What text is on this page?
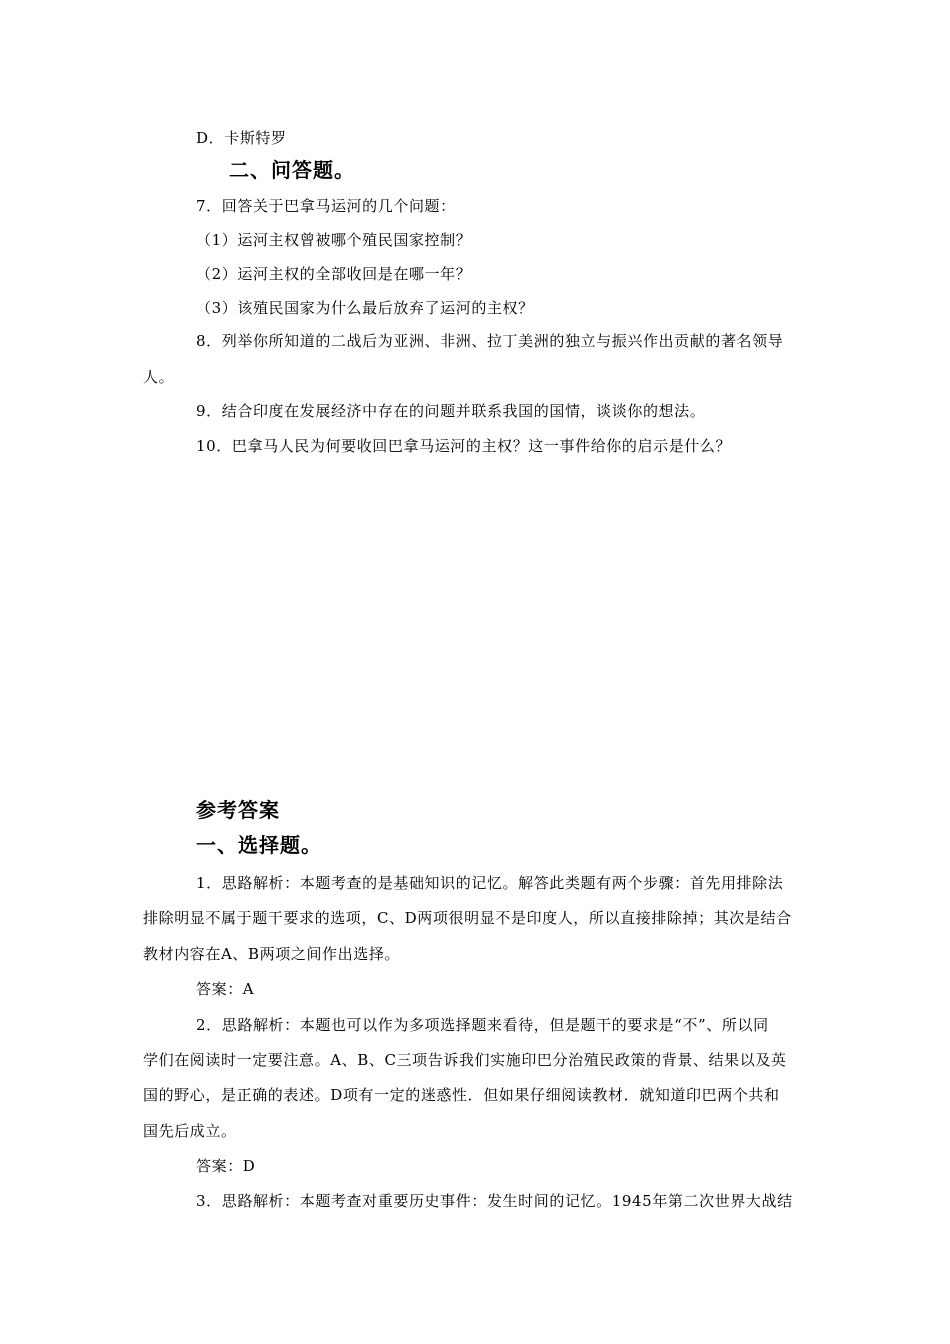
D．卡斯特罗
二、问答题。
7．回答关于巴拿马运河的几个问题：
（1）运河主权曾被哪个殖民国家控制？
（2）运河主权的全部收回是在哪一年？
（3）该殖民国家为什么最后放弃了运河的主权？
8．列举你所知道的二战后为亚洲、非洲、拉丁美洲的独立与振兴作出贡献的著名领导
人。
9．结合印度在发展经济中存在的问题并联系我国的国情，谈谈你的想法。
10．巴拿马人民为何要收回巴拿马运河的主权？这一事件给你的启示是什么？
参考答案
一、选择题。
1．思路解析：本题考查的是基础知识的记忆。解答此类题有两个步骤：首先用排除法
排除明显不属于题干要求的选项，C、D两项很明显不是印度人，所以直接排除掉；其次是结合
教材内容在A、B两项之间作出选择。
答案：A
2．思路解析：本题也可以作为多项选择题来看待，但是题干的要求是“不”、所以同
学们在阅读时一定要注意。A、B、C三项告诉我们实施印巴分治殖民政策的背景、结果以及英
国的野心，是正确的表述。D项有一定的迷惑性．但如果仔细阅读教材．就知道印巴两个共和
国先后成立。
答案：D
3．思路解析：本题考查对重要历史事件：发生时间的记忆。1945年第二次世界大战结
